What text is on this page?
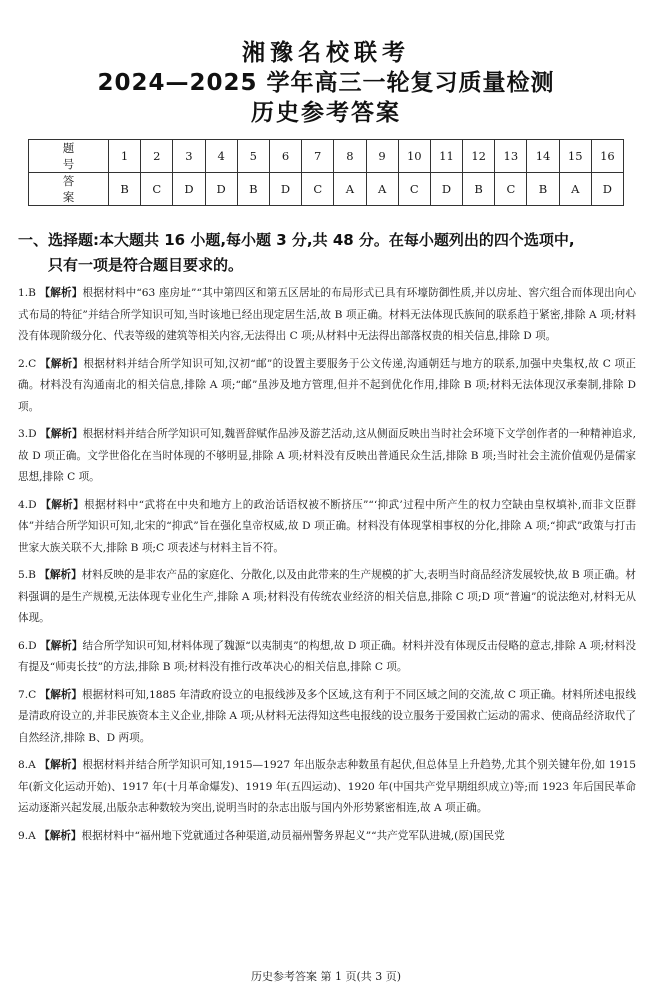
湘豫名校联考
2024—2025 学年高三一轮复习质量检测
历史参考答案
题 号	1	2	3	4	5	6	7	8	9	10	11	12	13	14	15	16
答 案	B	C	D	D	B	D	C	A	A	C	D	B	C	B	A	D
一、选择题:本大题共 16 小题,每小题 3 分,共 48 分。在每小题列出的四个选项中,
只有一项是符合题目要求的。
1.B 【解析】根据材料中“63 座房址”“其中第四区和第五区居址的布局形式已具有环壕防御性质,并以房址、窖穴组合而体现出向心式布局的特征”并结合所学知识可知,当时该地已经出现定居生活,故 B 项正确。材料无法体现氏族间的联系趋于紧密,排除 A 项;材料没有体现阶级分化、代表等级的建筑等相关内容,无法得出 C 项;从材料中无法得出部落权贵的相关信息,排除 D 项。
2.C 【解析】根据材料并结合所学知识可知,汉初“邮”的设置主要服务于公文传递,沟通朝廷与地方的联系,加强中央集权,故 C 项正确。材料没有沟通南北的相关信息,排除 A 项;“邮”虽涉及地方管理,但并不起到优化作用,排除 B 项;材料无法体现汉承秦制,排除 D 项。
3.D 【解析】根据材料并结合所学知识可知,魏晋辞赋作品涉及游艺活动,这从侧面反映出当时社会环境下文学创作者的一种精神追求,故 D 项正确。文学世俗化在当时体现的不够明显,排除 A 项;材料没有反映出普通民众生活,排除 B 项;当时社会主流价值观仍是儒家思想,排除 C 项。
4.D 【解析】根据材料中“武将在中央和地方上的政治话语权被不断挤压”“‘抑武’过程中所产生的权力空缺由皇权填补,而非文臣群体”并结合所学知识可知,北宋的“抑武”旨在强化皇帝权威,故 D 项正确。材料没有体现掌相事权的分化,排除 A 项;“抑武”政策与打击世家大族关联不大,排除 B 项;C 项表述与材料主旨不符。
5.B 【解析】材料反映的是非农产品的家庭化、分散化,以及由此带来的生产规模的扩大,表明当时商品经济发展较快,故 B 项正确。材料强调的是生产规模,无法体现专业化生产,排除 A 项;材料没有传统农业经济的相关信息,排除 C 项;D 项“普遍”的说法绝对,材料无从体现。
6.D 【解析】结合所学知识可知,材料体现了魏源“以夷制夷”的构想,故 D 项正确。材料并没有体现反击侵略的意志,排除 A 项;材料没有提及“师夷长技”的方法,排除 B 项;材料没有推行改革决心的相关信息,排除 C 项。
7.C 【解析】根据材料可知,1885 年清政府设立的电报线涉及多个区域,这有利于不同区域之间的交流,故 C 项正确。材料所述电报线是清政府设立的,并非民族资本主义企业,排除 A 项;从材料无法得知这些电报线的设立服务于爱国救亡运动的需求、使商品经济取代了自然经济,排除 B、D 两项。
8.A 【解析】根据材料并结合所学知识可知,1915—1927 年出版杂志种数虽有起伏,但总体呈上升趋势,尤其个别关键年份,如 1915 年(新文化运动开始)、1917 年(十月革命爆发)、1919 年(五四运动)、1920 年(中国共产党早期组织成立)等;而 1923 年后国民革命运动逐渐兴起发展,出版杂志种数较为突出,说明当时的杂志出版与国内外形势紧密相连,故 A 项正确。
9.A 【解析】根据材料中“福州地下党就通过各种渠道,动员福州警务界起义”“共产党军队进城,(原)国民党
历史参考答案 第 1 页(共 3 页)
